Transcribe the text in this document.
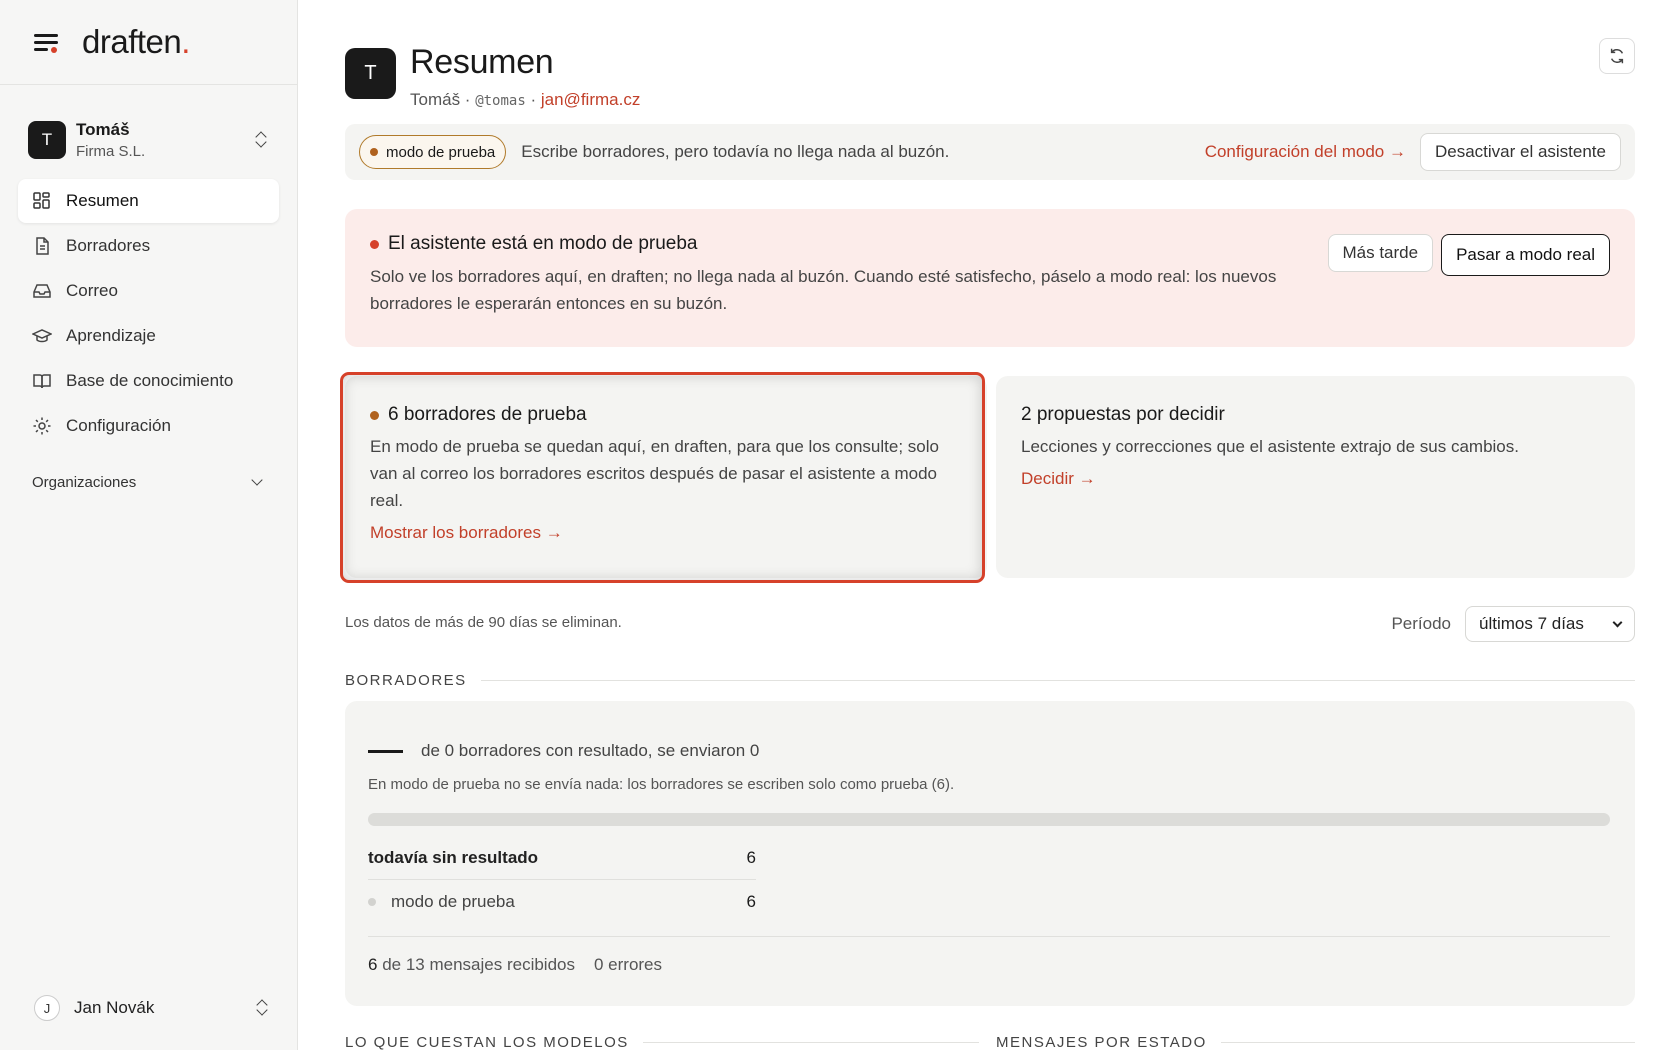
draften.
T
Tomáš
Firma S.L.
Resumen
Borradores
Correo
Aprendizaje
Base de conocimiento
Configuración
Organizaciones
J	Jan Novák
T Resumen
Tomáš · @tomas · jan@firma.cz
modo de prueba Escribe borradores, pero todavía no llega nada al buzón.	Configuración del modo →	Desactivar el asistente
El asistente está en modo de prueba
Solo ve los borradores aquí, en draften; no llega nada al buzón. Cuando esté satisfecho, páselo a modo real: los nuevos borradores le esperarán entonces en su buzón.
Más tarde	Pasar a modo real
6 borradores de prueba
En modo de prueba se quedan aquí, en draften, para que los consulte; solo van al correo los borradores escritos después de pasar el asistente a modo real.
Mostrar los borradores →
2 propuestas por decidir
Lecciones y correcciones que el asistente extrajo de sus cambios.
Decidir →
Los datos de más de 90 días se eliminan.	Período últimos 7 días
BORRADORES
de 0 borradores con resultado, se enviaron 0
En modo de prueba no se envía nada: los borradores se escriben solo como prueba (6).
todavía sin resultado	6
modo de prueba	6
6 de 13 mensajes recibidos 0 errores
LO QUE CUESTAN LOS MODELOS	MENSAJES POR ESTADO
